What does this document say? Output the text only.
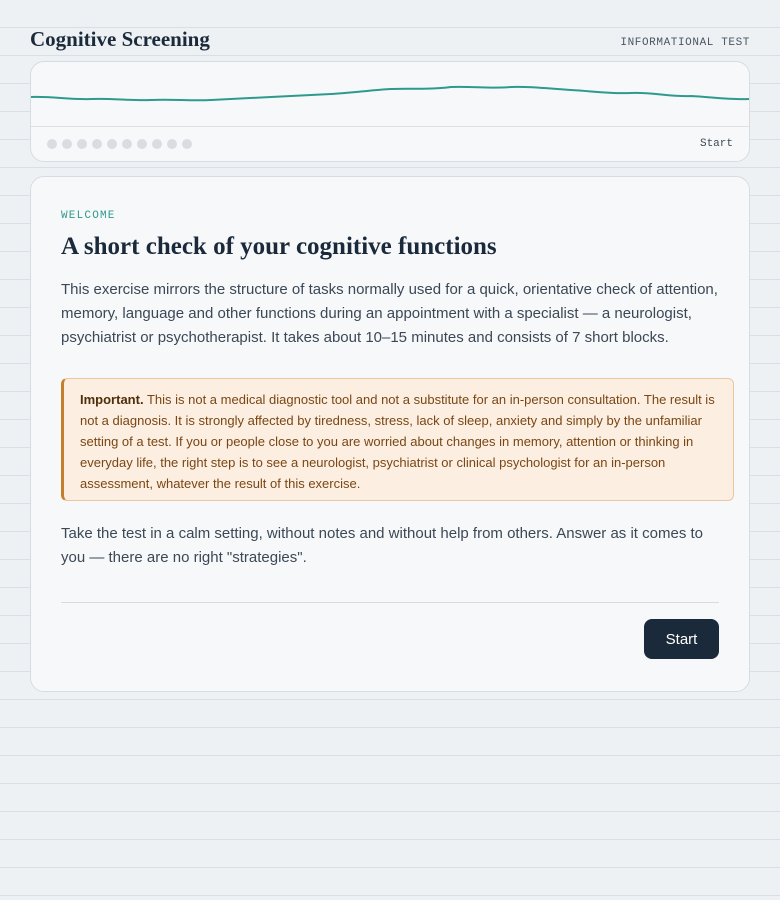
Cognitive Screening	INFORMATIONAL TEST
Start
WELCOME
A short check of your cognitive functions

This exercise mirrors the structure of tasks normally used for a quick, orientative check of attention, memory, language and other functions during an appointment with a specialist — a neurologist, psychiatrist or psychotherapist. It takes about 10–15 minutes and consists of 7 short blocks.

Important. This is not a medical diagnostic tool and not a substitute for an in-person consultation. The result is not a diagnosis. It is strongly affected by tiredness, stress, lack of sleep, anxiety and simply by the unfamiliar setting of a test. If you or people close to you are worried about changes in memory, attention or thinking in everyday life, the right step is to see a neurologist, psychiatrist or clinical psychologist for an in-person assessment, whatever the result of this exercise.

Take the test in a calm setting, without notes and without help from others. Answer as it comes to you — there are no right "strategies".

Start
